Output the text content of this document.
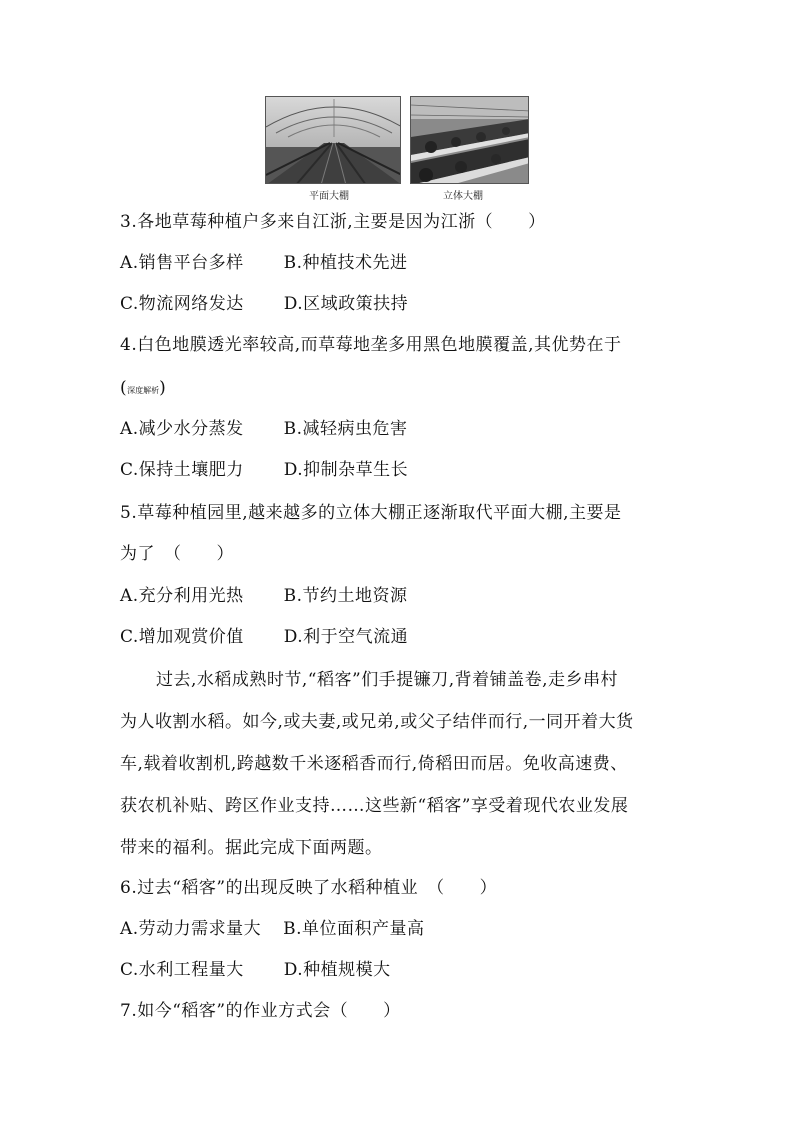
平面大棚	立体大棚
3.各地草莓种植户多来自江浙,主要是因为江浙（　　）
A.销售平台多样 B.种植技术先进
C.物流网络发达 D.区域政策扶持
4.白色地膜透光率较高,而草莓地垄多用黑色地膜覆盖,其优势在于
(深度解析)
A.减少水分蒸发 B.减轻病虫危害
C.保持土壤肥力 D.抑制杂草生长
5.草莓种植园里,越来越多的立体大棚正逐渐取代平面大棚,主要是
为了　（　　）
A.充分利用光热 B.节约土地资源
C.增加观赏价值 D.利于空气流通
过去,水稻成熟时节,“稻客”们手提镰刀,背着铺盖卷,走乡串村
为人收割水稻。如今,或夫妻,或兄弟,或父子结伴而行,一同开着大货
车,载着收割机,跨越数千米逐稻香而行,倚稻田而居。免收高速费、
获农机补贴、跨区作业支持……这些新“稻客”享受着现代农业发展
带来的福利。据此完成下面两题。
6.过去“稻客”的出现反映了水稻种植业　（　　）
A.劳动力需求量大 B.单位面积产量高
C.水利工程量大 D.种植规模大
7.如今“稻客”的作业方式会（　　）
